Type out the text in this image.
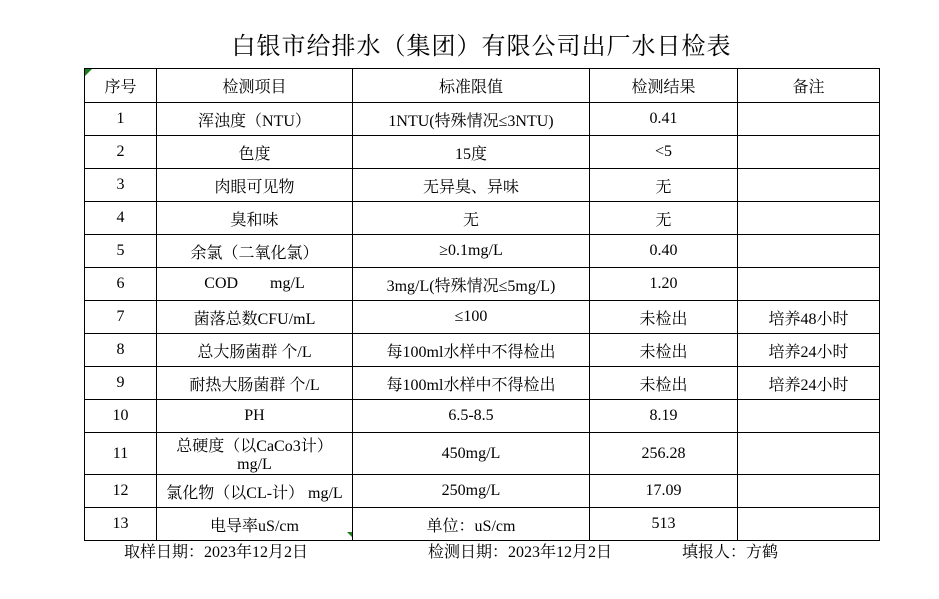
白银市给排水（集团）有限公司出厂水日检表
序号	检测项目	标准限值	检测结果	备注
1	浑浊度（NTU）	1NTU(特殊情况≤3NTU)	0.41	
2	色度	15度	<5	
3	肉眼可见物	无异臭、异味	无	
4	臭和味	无	无	
5	余氯（二氧化氯）	≥0.1mg/L	0.40	
6	COD        mg/L	3mg/L(特殊情况≤5mg/L)	1.20	
7	菌落总数CFU/mL	≤100	未检出	培养48小时
8	总大肠菌群 个/L	每100ml水样中不得检出	未检出	培养24小时
9	耐热大肠菌群 个/L	每100ml水样中不得检出	未检出	培养24小时
10	PH	6.5-8.5	8.19	
11	总硬度（以CaCo3计） mg/L	450mg/L	256.28	
12	氯化物（以CL-计） mg/L	250mg/L	17.09	
13	电导率uS/cm	单位：uS/cm	513	
取样日期：2023年12月2日	检测日期：2023年12月2日	填报人：方鹤
